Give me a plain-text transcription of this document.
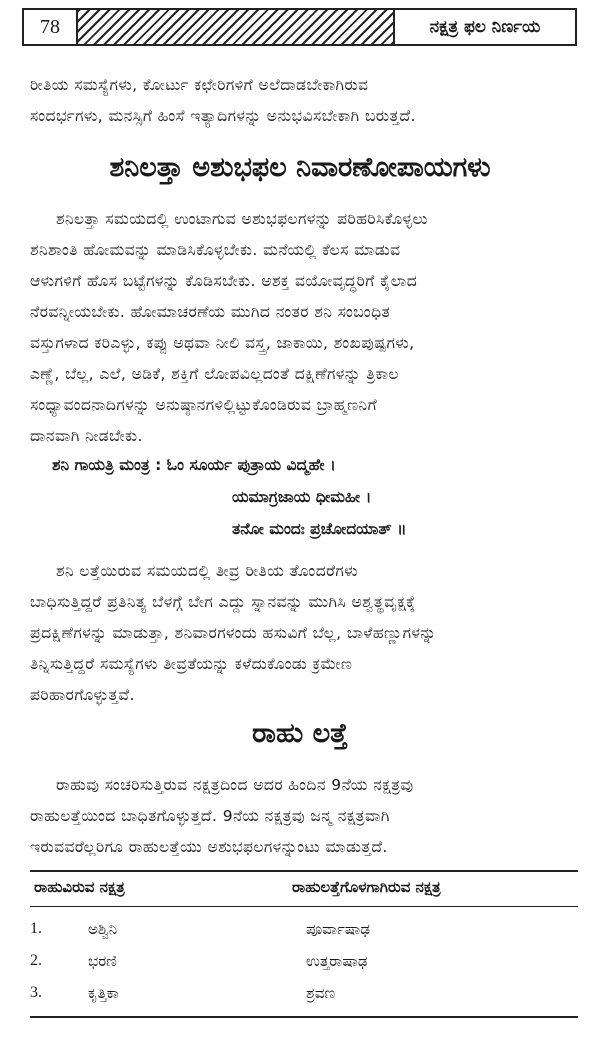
78	ನಕ್ಷತ್ರ ಫಲ ನಿರ್ಣಯ
ರೀತಿಯ ಸಮಸ್ಯೆಗಳು, ಕೋರ್ಟು ಕಛೇರಿಗಳಿಗೆ ಅಲೆದಾಡಬೇಕಾಗಿರುವ
ಸಂದರ್ಭಗಳು, ಮನಸ್ಸಿಗೆ ಹಿಂಸೆ ಇತ್ಯಾದಿಗಳನ್ನು ಅನುಭವಿಸಬೇಕಾಗಿ ಬರುತ್ತದೆ.
ಶನಿಲತ್ತಾ ಅಶುಭಫಲ ನಿವಾರಣೋಪಾಯಗಳು
ಶನಿಲತ್ತಾ ಸಮಯದಲ್ಲಿ ಉಂಟಾಗುವ ಅಶುಭಫಲಗಳನ್ನು ಪರಿಹರಿಸಿಕೊಳ್ಳಲು
ಶನಿಶಾಂತಿ ಹೋಮವನ್ನು ಮಾಡಿಸಿಕೊಳ್ಳಬೇಕು. ಮನೆಯಲ್ಲಿ ಕೆಲಸ ಮಾಡುವ
ಆಳುಗಳಿಗೆ ಹೊಸ ಬಟ್ಟೆಗಳನ್ನು ಕೊಡಿಸಬೇಕು. ಅಶಕ್ತ ವಯೋವೃದ್ಧರಿಗೆ ಕೈಲಾದ
ನೆರವನ್ನೀಯಬೇಕು. ಹೋಮಾಚರಣೆಯ ಮುಗಿದ ನಂತರ ಶನಿ ಸಂಬಂಧಿತ
ವಸ್ತುಗಳಾದ ಕರಿಎಳ್ಳು, ಕಪ್ಪು ಅಥವಾ ನೀಲಿ ವಸ್ತ್ರ, ಜಾಕಾಯಿ, ಶಂಖಪುಷ್ಪಗಳು,
ಎಣ್ಣೆ, ಬೆಲ್ಲ, ಎಲೆ, ಅಡಿಕೆ, ಶಕ್ತಿಗೆ ಲೋಪವಿಲ್ಲದಂತೆ ದಕ್ಷಿಣೆಗಳನ್ನು ತ್ರಿಕಾಲ
ಸಂಧ್ಯಾವಂದನಾದಿಗಳನ್ನು ಅನುಷ್ಠಾನಗಳಿಲ್ಲಿಟ್ಟುಕೊಂಡಿರುವ ಬ್ರಾಹ್ಮಣನಿಗೆ
ದಾನವಾಗಿ ನೀಡಬೇಕು.
ಶನಿ ಗಾಯತ್ರಿ ಮಂತ್ರ : ಓಂ ಸೂರ್ಯ ಪುತ್ರಾಯ ವಿದ್ಮಹೇ ।
ಯಮಾಗ್ರಜಾಯ ಧೀಮಹೀ ।
ತನೋ ಮಂದಃ ಪ್ರಚೋದಯಾತ್ ॥
ಶನಿ ಲತ್ತೆಯಿರುವ ಸಮಯದಲ್ಲಿ ತೀವ್ರ ರೀತಿಯ ತೊಂದರೆಗಳು
ಬಾಧಿಸುತ್ತಿದ್ದರೆ ಪ್ರತಿನಿತ್ಯ ಬೆಳಗ್ಗೆ ಬೇಗ ಎದ್ದು ಸ್ನಾನವನ್ನು ಮುಗಿಸಿ ಅಶ್ವತ್ಥವೃಕ್ಷಕ್ಕೆ
ಪ್ರದಕ್ಷಿಣೆಗಳನ್ನು ಮಾಡುತ್ತಾ, ಶನಿವಾರಗಳಂದು ಹಸುವಿಗೆ ಬೆಲ್ಲ, ಬಾಳೆಹಣ್ಣುಗಳನ್ನು
ತಿನ್ನಿಸುತ್ತಿದ್ದರೆ ಸಮಸ್ಯೆಗಳು ತೀವ್ರತೆಯನ್ನು ಕಳೆದುಕೊಂಡು ಕ್ರಮೇಣ
ಪರಿಹಾರಗೊಳ್ಳುತ್ತವೆ.
ರಾಹು ಲತ್ತೆ
ರಾಹುವು ಸಂಚರಿಸುತ್ತಿರುವ ನಕ್ಷತ್ರದಿಂದ ಅದರ ಹಿಂದಿನ 9ನೆಯ ನಕ್ಷತ್ರವು
ರಾಹುಲತ್ತೆಯಿಂದ ಬಾಧಿತಗೊಳ್ಳುತ್ತದೆ. 9ನೆಯ ನಕ್ಷತ್ರವು ಜನ್ಮ ನಕ್ಷತ್ರವಾಗಿ
ಇರುವವರೆಲ್ಲರಿಗೂ ರಾಹುಲತ್ತೆಯು ಅಶುಭಫಲಗಳನ್ನುಂಟು ಮಾಡುತ್ತದೆ.
ರಾಹುವಿರುವ ನಕ್ಷತ್ರ	ರಾಹುಲತ್ತೆಗೊಳಗಾಗಿರುವ ನಕ್ಷತ್ರ
1.	ಅಶ್ವಿನಿ	ಪೂರ್ವಾಷಾಢ
2.	ಭರಣಿ	ಉತ್ತರಾಷಾಢ
3.	ಕೃತ್ತಿಕಾ	ಶ್ರವಣ
